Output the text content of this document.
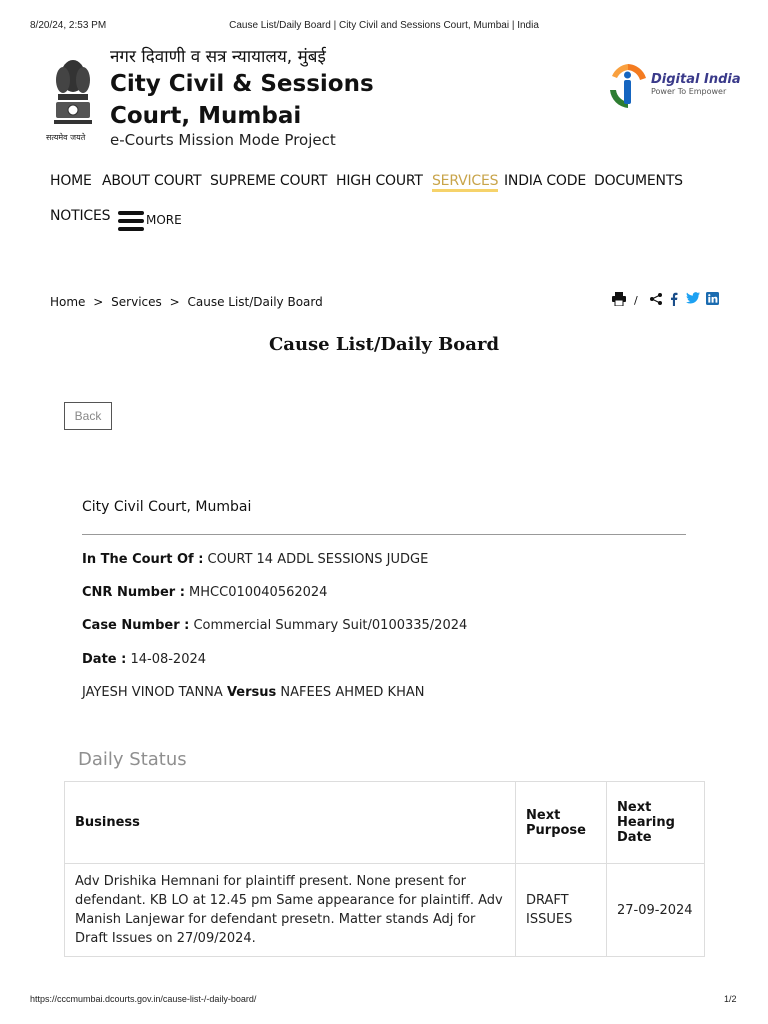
8/20/24, 2:53 PM	Cause List/Daily Board | City Civil and Sessions Court, Mumbai | India
सत्यमेव जयते
नगर दिवाणी व सत्र न्यायालय, मुंबई
City Civil & Sessions Court, Mumbai
e-Courts Mission Mode Project
Digital India
Power To Empower
HOME ABOUT COURT SUPREME COURT HIGH COURT SERVICES INDIA CODE DOCUMENTS
NOTICES	MORE
Home > Services > Cause List/Daily Board	/
Cause List/Daily Board
Back
City Civil Court, Mumbai
In The Court Of : COURT 14 ADDL SESSIONS JUDGE
CNR Number : MHCC010040562024
Case Number : Commercial Summary Suit/0100335/2024
Date : 14-08-2024
JAYESH VINOD TANNA Versus NAFEES AHMED KHAN
Daily Status
Business	Next Purpose	Next Hearing Date
Adv Drishika Hemnani for plaintiff present. None present for defendant. KB LO at 12.45 pm Same appearance for plaintiff. Adv Manish Lanjewar for defendant presetn. Matter stands Adj for Draft Issues on 27/09/2024.	DRAFT ISSUES	27-09-2024
https://cccmumbai.dcourts.gov.in/cause-list-/-daily-board/	1/2
